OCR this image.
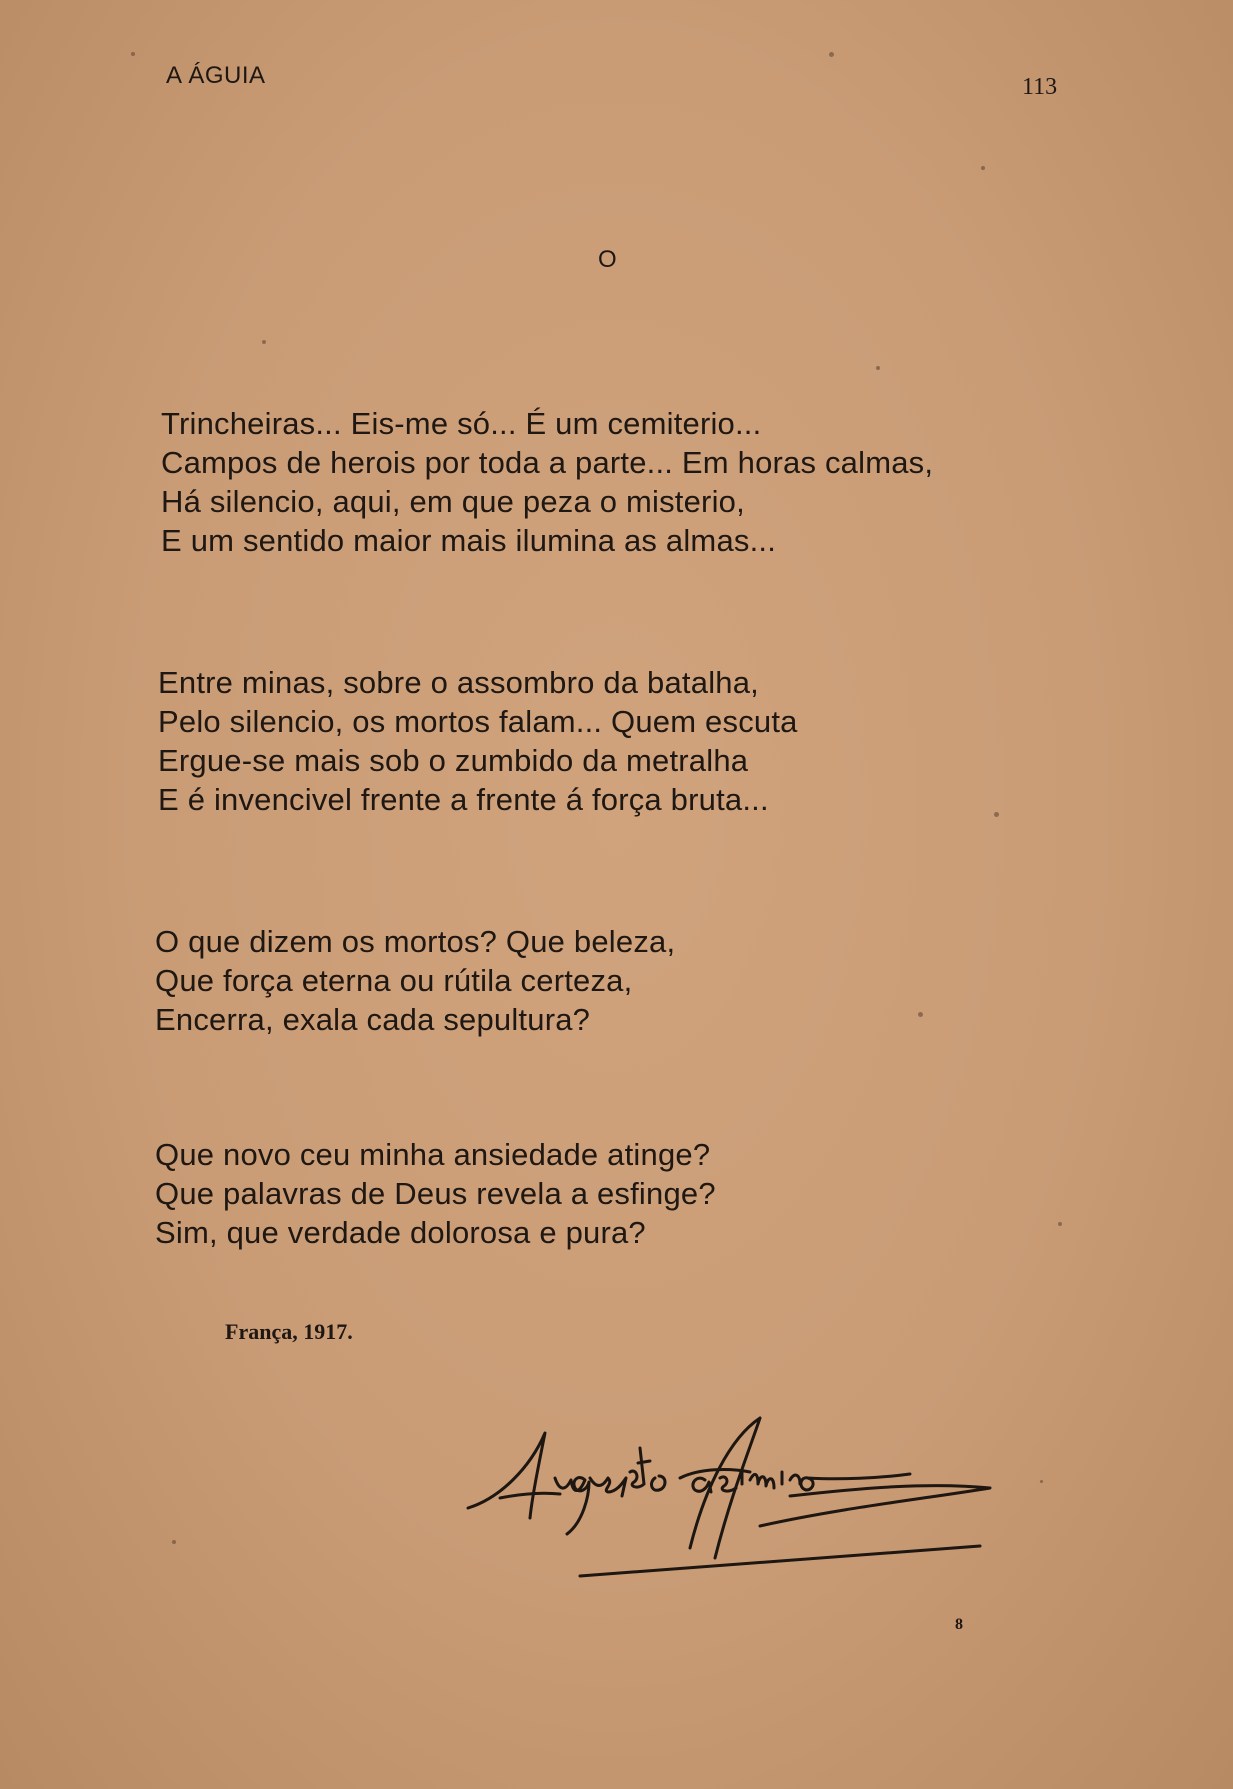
A ÁGUIA	113
O
Trincheiras... Eis-me só... É um cemiterio...
Campos de herois por toda a parte... Em horas calmas,
Há silencio, aqui, em que peza o misterio,
E um sentido maior mais ilumina as almas...
Entre minas, sobre o assombro da batalha,
Pelo silencio, os mortos falam... Quem escuta
Ergue-se mais sob o zumbido da metralha
E é invencivel frente a frente á força bruta...
O que dizem os mortos? Que beleza,
Que força eterna ou rútila certeza,
Encerra, exala cada sepultura?
Que novo ceu minha ansiedade atinge?
Que palavras de Deus revela a esfinge?
Sim, que verdade dolorosa e pura?
França, 1917.
8
